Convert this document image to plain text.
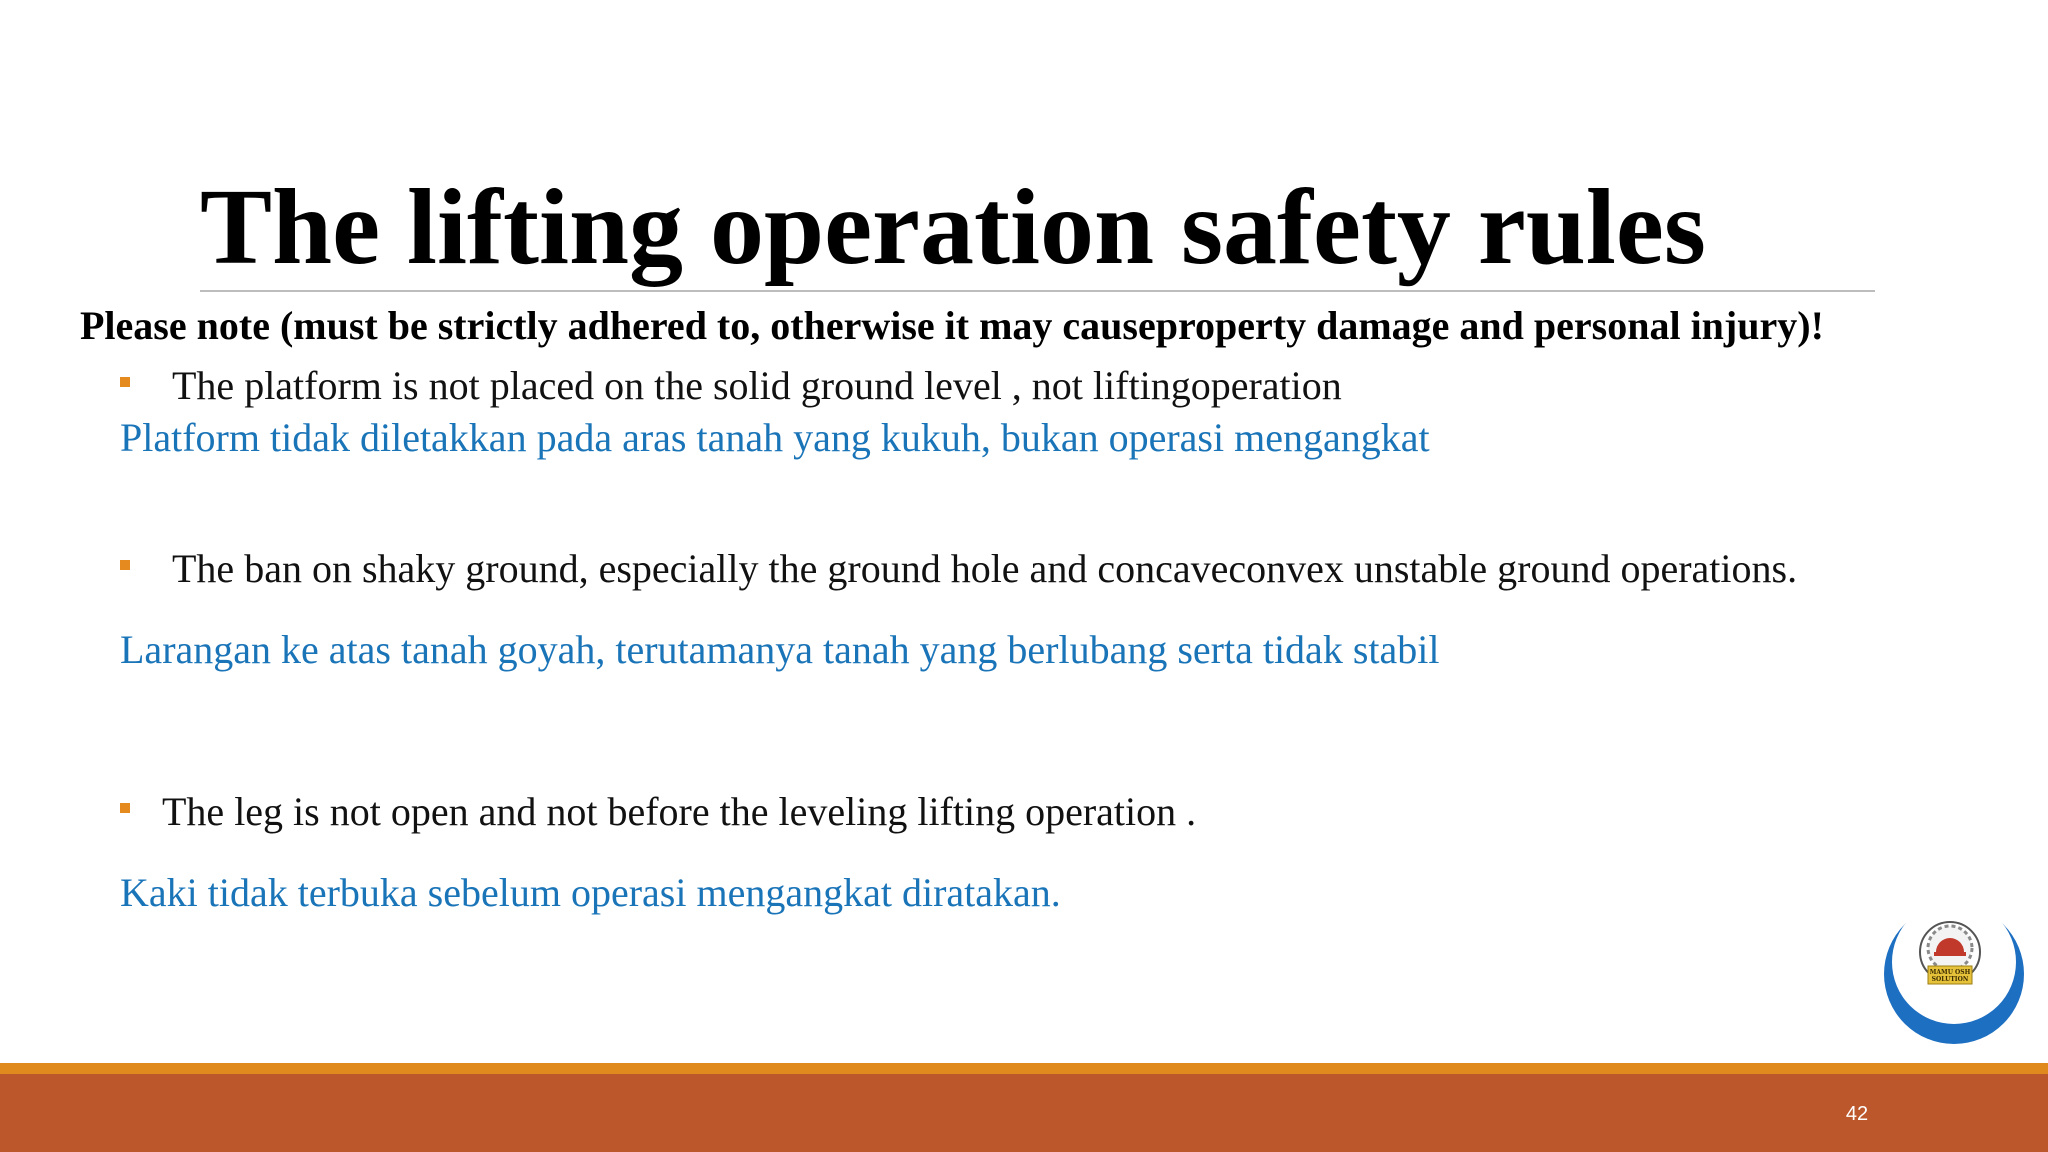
The lifting operation safety rules

Please note (must be strictly adhered to, otherwise it may causeproperty damage and personal injury)!

The platform is not placed on the solid ground level , not liftingoperation
Platform tidak diletakkan pada aras tanah yang kukuh, bukan operasi mengangkat
The ban on shaky ground, especially the ground hole and concaveconvex unstable ground operations.
Larangan ke atas tanah goyah, terutamanya tanah yang berlubang serta tidak stabil
The leg is not open and not before the leveling lifting operation .
Kaki tidak terbuka sebelum operasi mengangkat diratakan.
MAMU OSH
SOLUTION
42
